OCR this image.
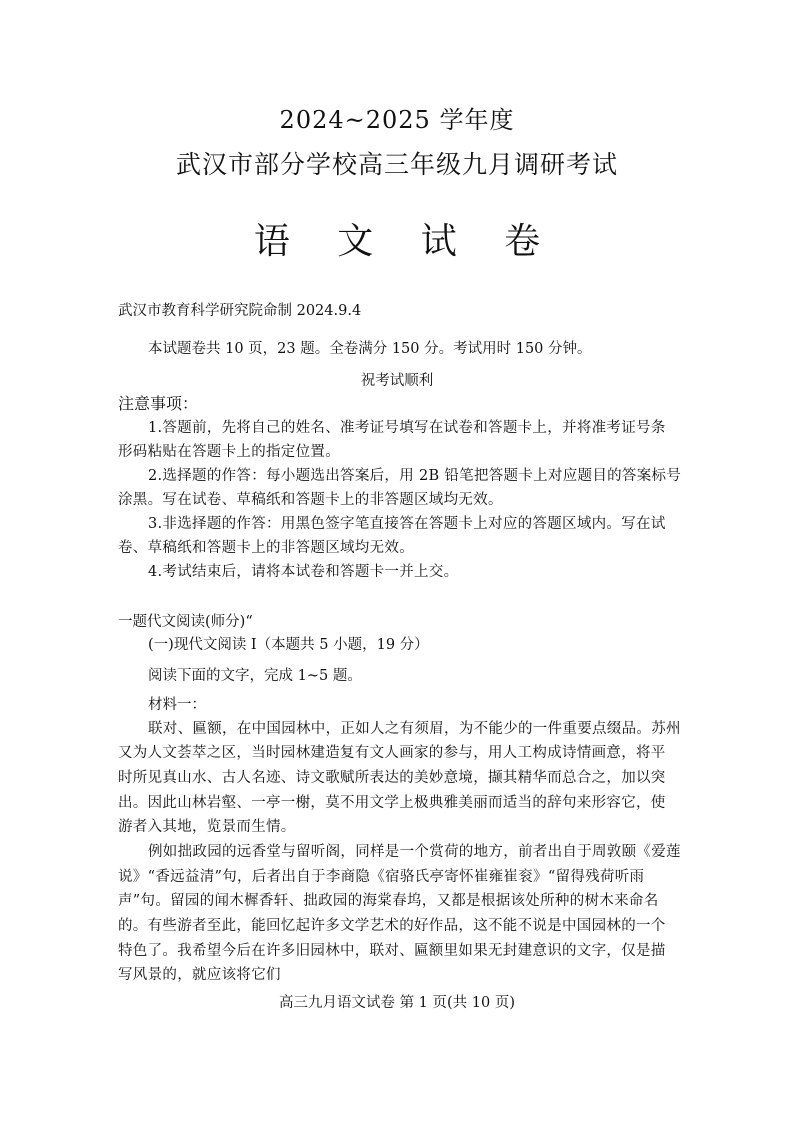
2024~2025 学年度
武汉市部分学校高三年级九月调研考试
语 文 试 卷
武汉市教育科学研究院命制 2024.9.4
本试题卷共 10 页，23 题。全卷满分 150 分。考试用时 150 分钟。
祝考试顺利
注意事项：
1.答题前，先将自己的姓名、准考证号填写在试卷和答题卡上，并将准考证号条
形码粘贴在答题卡上的指定位置。
2.选择题的作答：每小题选出答案后，用 2B 铅笔把答题卡上对应题目的答案标号
涂黑。写在试卷、草稿纸和答题卡上的非答题区域均无效。
3.非选择题的作答：用黑色签字笔直接答在答题卡上对应的答题区域内。写在试
卷、草稿纸和答题卡上的非答题区域均无效。
4.考试结束后，请将本试卷和答题卡一并上交。
一题代文阅读(师分)“
(一)现代文阅读 I（本题共 5 小题，19 分）
阅读下面的文字，完成 1~5 题。
材料一：
联对、匾额，在中国园林中，正如人之有须眉，为不能少的一件重要点缀品。苏州
又为人文荟萃之区，当时园林建造复有文人画家的参与，用人工构成诗情画意，将平
时所见真山水、古人名迹、诗文歌赋所表达的美妙意境，撷其精华而总合之，加以突
出。因此山林岩壑、一亭一榭，莫不用文学上极典雅美丽而适当的辞句来形容它，使
游者入其地，览景而生情。
例如拙政园的远香堂与留听阁，同样是一个赏荷的地方，前者出自于周敦颐《爱莲
说》“香远益清”句，后者出自于李商隐《宿骆氏亭寄怀崔雍崔衮》“留得残荷听雨
声”句。留园的闻木樨香轩、拙政园的海棠春坞，又都是根据该处所种的树木来命名
的。有些游者至此，能回忆起许多文学艺术的好作品，这不能不说是中国园林的一个
特色了。我希望今后在许多旧园林中，联对、匾额里如果无封建意识的文字，仅是描
写风景的，就应该将它们
高三九月语文试卷 第 1 页(共 10 页)
